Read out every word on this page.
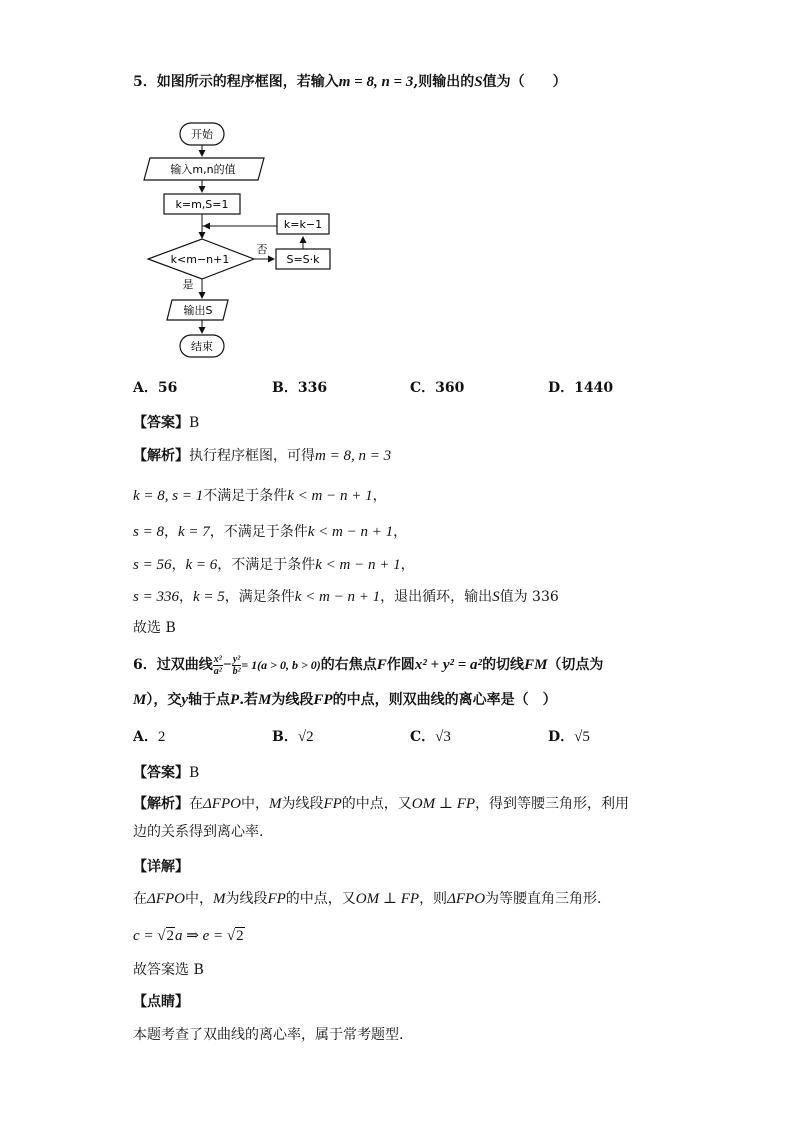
5．如图所示的程序框图，若输入m = 8, n = 3,则输出的S值为（　　）
开始
输入m,n的值
k=m,S=1
k<m−n+1
否
S=S·k
k=k−1
是
输出S
结束
A．56	B．336	C．360	D．1440
【答案】B
【解析】执行程序框图，可得m = 8, n = 3
k = 8, s = 1不满足于条件k < m − n + 1，
s = 8，k = 7，不满足于条件k < m − n + 1，
s = 56，k = 6，不满足于条件k < m − n + 1，
s = 336，k = 5，满足条件k < m − n + 1，退出循环，输出S值为 336
故选 B
6．过双曲线 $\frac{\text{x²}}{\text{a²}} - \frac{\text{y²}}{\text{b²}} = 1(a > 0$, b > 0)的右焦点F作圆x² + y² = a²的切线FM（切点为
M），交y轴于点P.若M为线段FP的中点，则双曲线的离心率是（　）
A．2	B．√2	C．√3	D．√5
【答案】B
【解析】在ΔFPO中，M为线段FP的中点，又OM ⊥ FP，得到等腰三角形，利用
边的关系得到离心率.
【详解】
在ΔFPO中，M为线段FP的中点，又OM ⊥ FP，则ΔFPO为等腰直角三角形.
c = √2a ⇒ e = √2
故答案选 B
【点睛】
本题考查了双曲线的离心率，属于常考题型.
